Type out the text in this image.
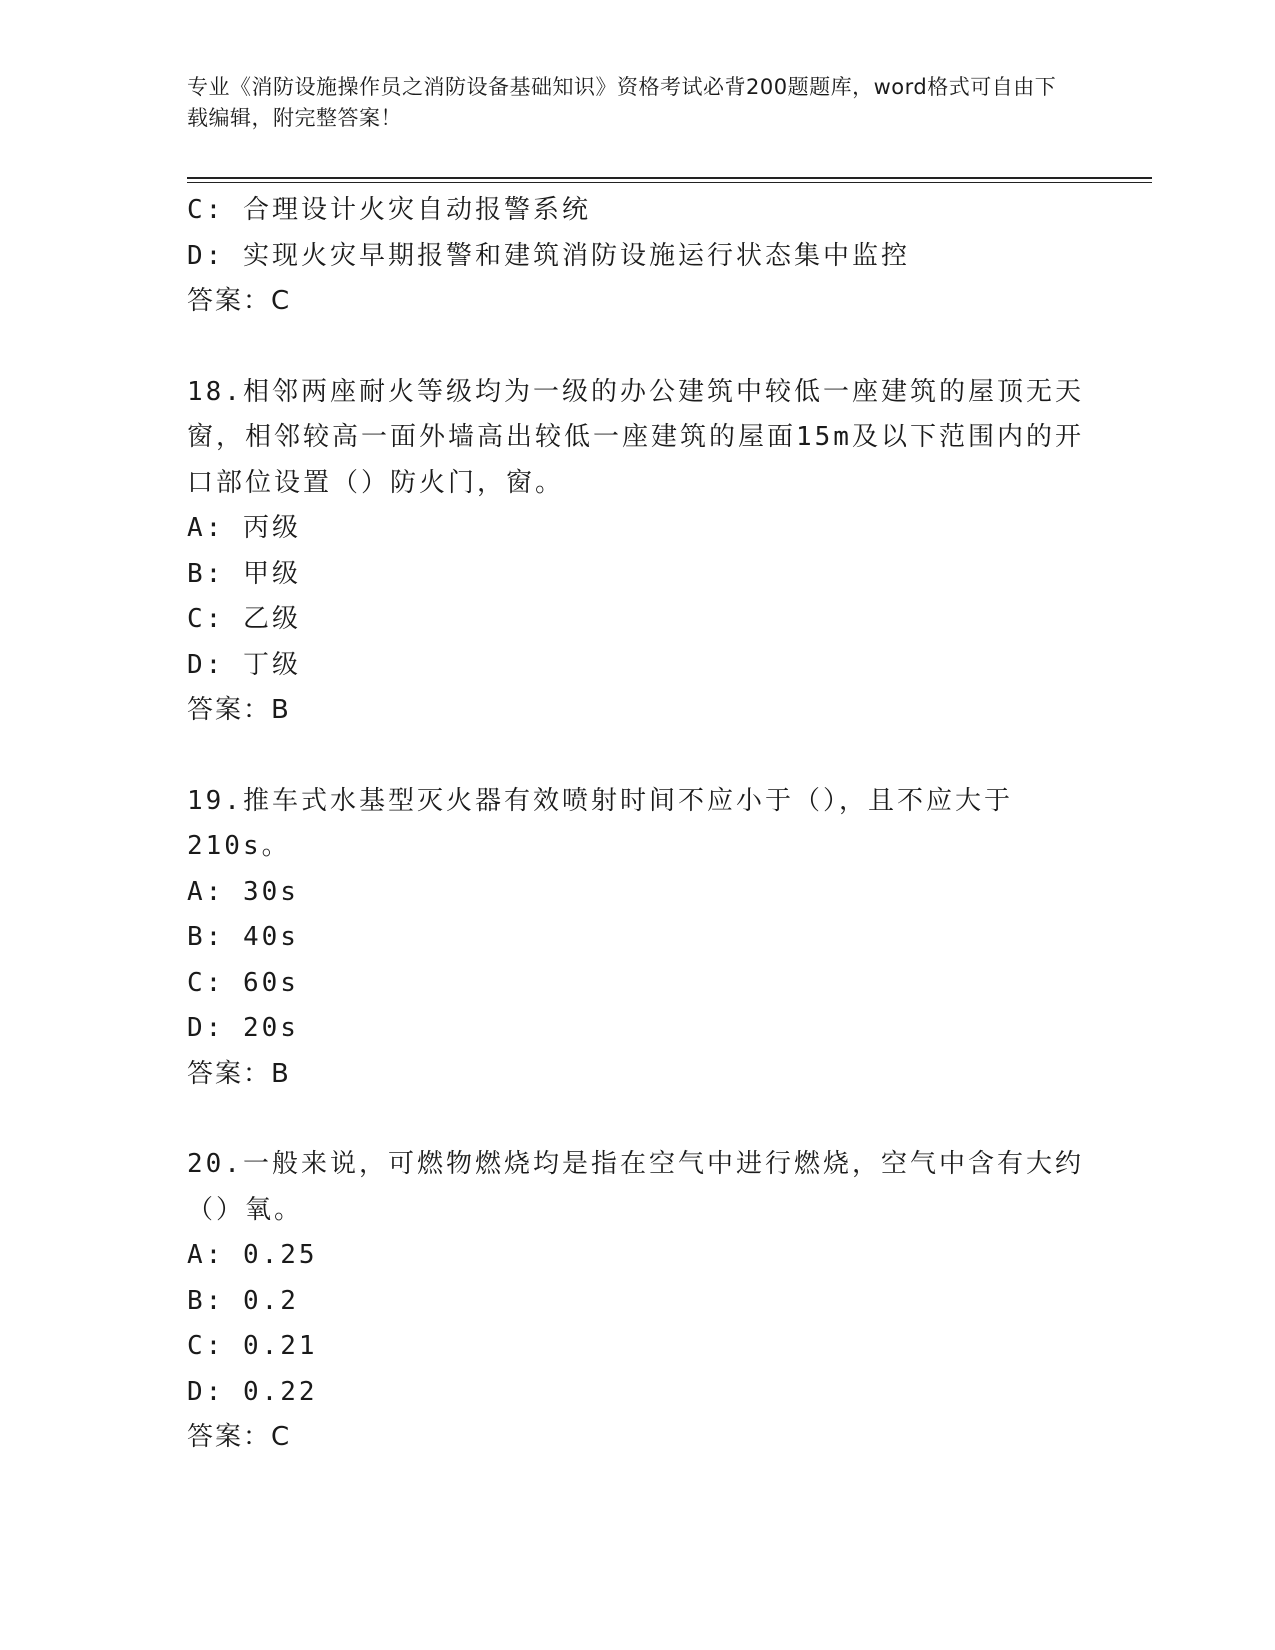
专业《消防设施操作员之消防设备基础知识》资格考试必背200题题库，word格式可自由下载编辑，附完整答案！

C: 合理设计火灾自动报警系统

D: 实现火灾早期报警和建筑消防设施运行状态集中监控

答案：C

18.相邻两座耐火等级均为一级的办公建筑中较低一座建筑的屋顶无天窗，相邻较高一面外墙高出较低一座建筑的屋面15m及以下范围内的开口部位设置（）防火门，窗。

A: 丙级

B: 甲级

C: 乙级

D: 丁级

答案：B

19.推车式水基型灭火器有效喷射时间不应小于（），且不应大于210s。

A: 30s

B: 40s

C: 60s

D: 20s

答案：B

20.一般来说，可燃物燃烧均是指在空气中进行燃烧，空气中含有大约（）氧。

A: 0.25

B: 0.2

C: 0.21

D: 0.22

答案：C
